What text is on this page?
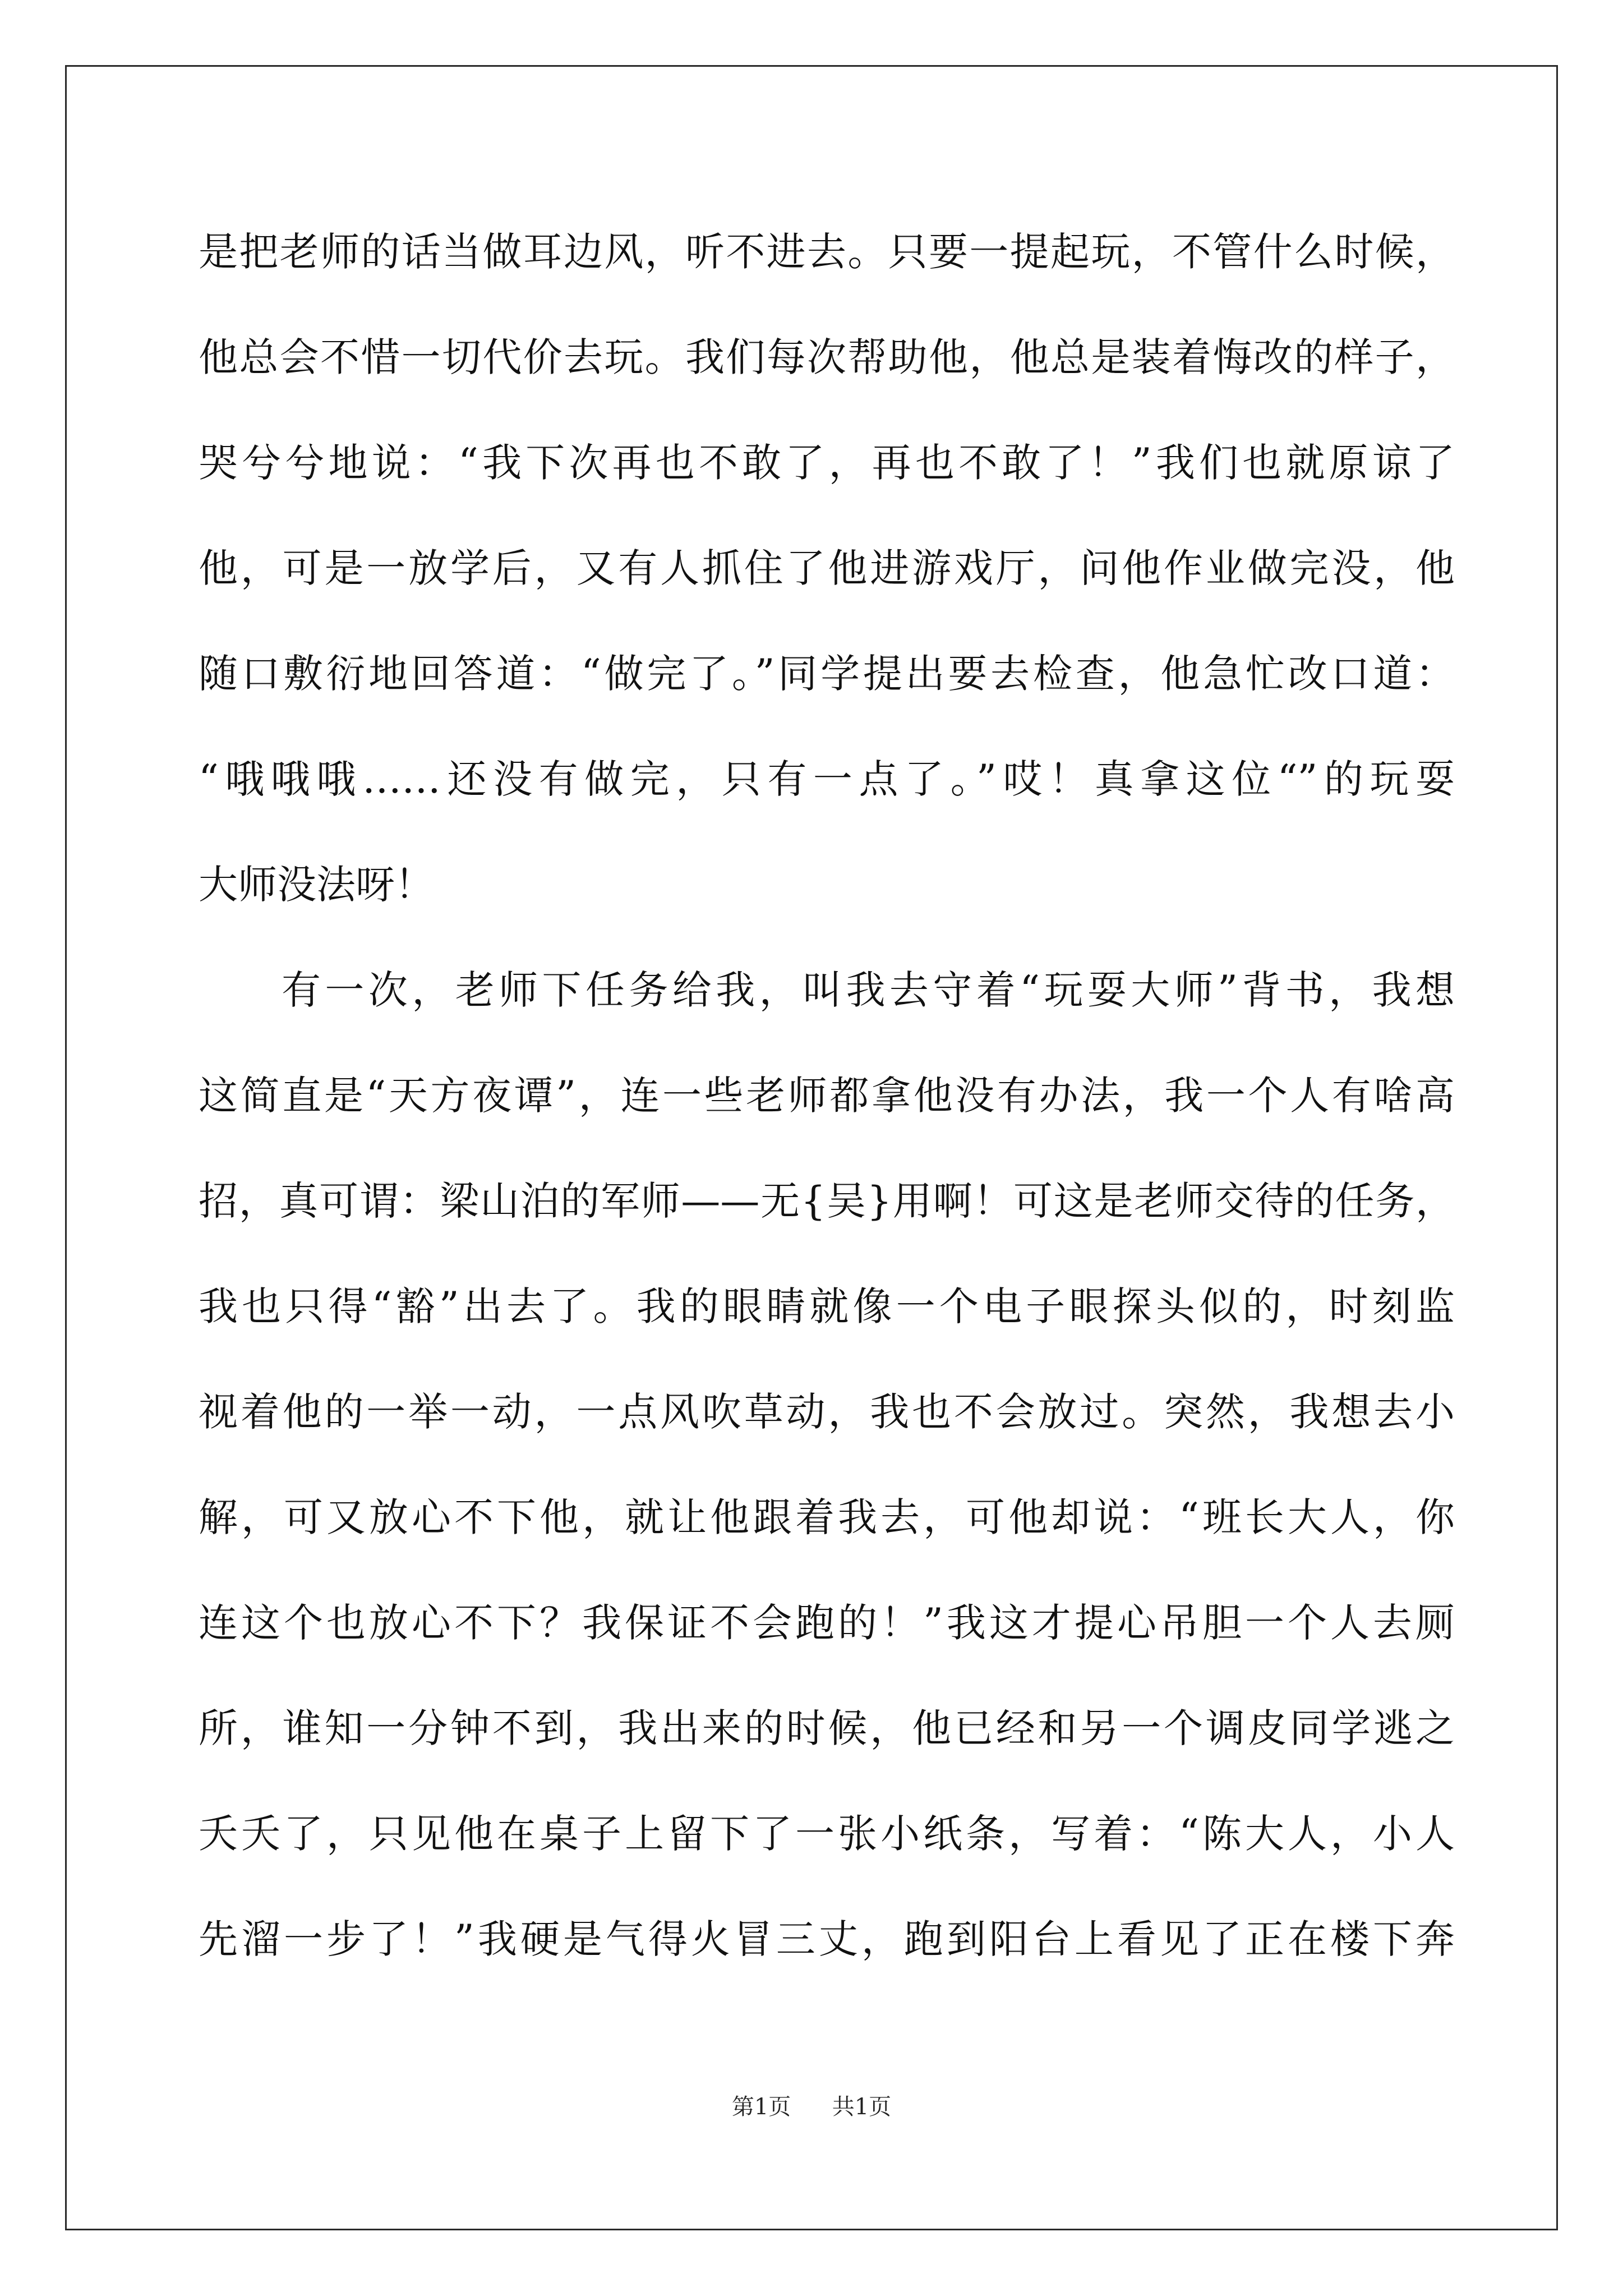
是把老师的话当做耳边风，听不进去。只要一提起玩，不管什么时候，
他总会不惜一切代价去玩。我们每次帮助他，他总是装着悔改的样子，
哭兮兮地说：“我下次再也不敢了，再也不敢了！”我们也就原谅了
他，可是一放学后，又有人抓住了他进游戏厅，问他作业做完没，他
随口敷衍地回答道：“做完了。”同学提出要去检查，他急忙改口道：
“哦哦哦……还没有做完，只有一点了。”哎！真拿这位“”的玩耍
大师没法呀！
有一次，老师下任务给我，叫我去守着“玩耍大师”背书，我想
这简直是“天方夜谭”，连一些老师都拿他没有办法，我一个人有啥高
招，真可谓：梁山泊的军师——无{吴}用啊！可这是老师交待的任务，
我也只得“豁”出去了。我的眼睛就像一个电子眼探头似的，时刻监
视着他的一举一动，一点风吹草动，我也不会放过。突然，我想去小
解，可又放心不下他，就让他跟着我去，可他却说：“班长大人，你
连这个也放心不下？我保证不会跑的！”我这才提心吊胆一个人去厕
所，谁知一分钟不到，我出来的时候，他已经和另一个调皮同学逃之
夭夭了，只见他在桌子上留下了一张小纸条，写着：“陈大人，小人
先溜一步了！”我硬是气得火冒三丈，跑到阳台上看见了正在楼下奔
第1页 共1页
